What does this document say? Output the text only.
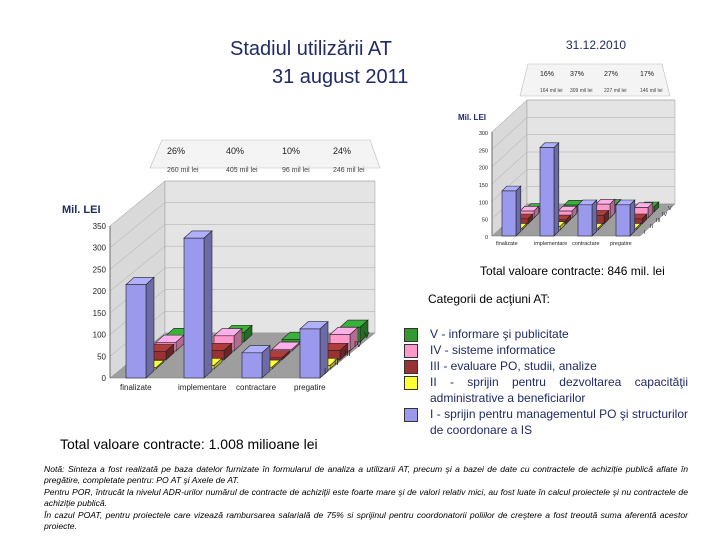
Stadiul utilizării AT
31 august 2011
31.12.2010
0
50
100
150
200
250
300
350
Mil. LEI
finalizate	implementare contractare pregatire
V
IV
III
II
I
26%
260 mil lei
40%
405 mil lei
10%
96 mil lei
24%
246 mil lei
0
50
100
150
200
250
300
Mil. LEI
finalizate	implementare contractare pregatire
V
IV
III
II
I
16%
164 mil lei
37%
309 mil lei
27%
227 mil lei
17%
146 mil lei
Total valoare contracte: 846 mil. lei
Total valoare contracte: 1.008 milioane lei
Categorii de acţiuni AT:
V - informare şi publicitate
IV - sisteme informatice
III - evaluare PO, studii, analize
II - sprijin pentru dezvoltarea capacităţii administrative a beneficiarilor
I - sprijin pentru managementul PO şi structurilor de coordonare a IS

Notă: Sinteza a fost realizată pe baza datelor furnizate în formularul de analiza a utilizarii AT, precum şi a bazei de date cu contractele de achiziţie publică aflate în pregătire, completate pentru: PO AT şi Axele de AT.

Pentru POR, întrucât la nivelul ADR-urilor numărul de contracte de achiziţii este foarte mare şi de valori relativ mici, au fost luate în calcul proiectele şi nu contractele de achiziţie publică.

În cazul POAT, pentru proiectele care vizează rambursarea salarială de 75% si sprijinul pentru coordonatorii poliilor de creştere a fost treoută suma aferentă acestor proiecte.
